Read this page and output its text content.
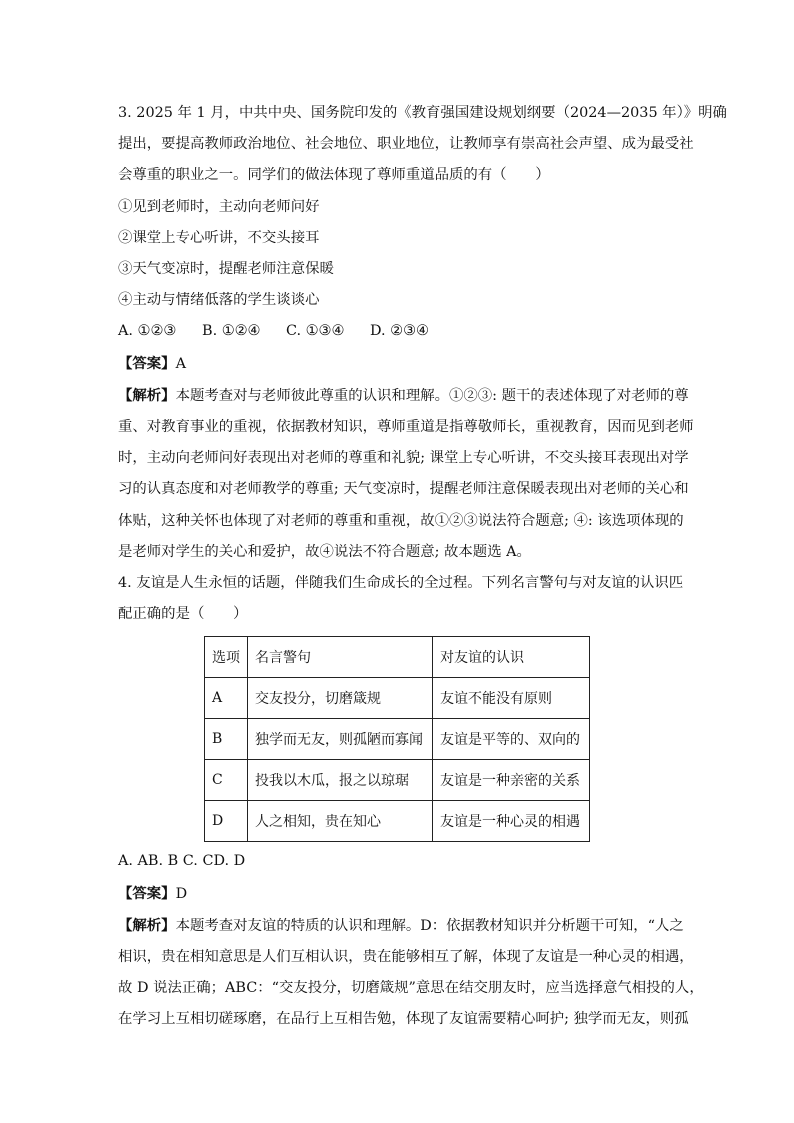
3. 2025 年 1 月，中共中央、国务院印发的《教育强国建设规划纲要（2024—2035 年）》明确
提出，要提高教师政治地位、社会地位、职业地位，让教师享有崇高社会声望、成为最受社
会尊重的职业之一。同学们的做法体现了尊师重道品质的有（　　）
①见到老师时，主动向老师问好
②课堂上专心听讲，不交头接耳
③天气变凉时，提醒老师注意保暖
④主动与情绪低落的学生谈谈心
A. ①②③ B. ①②④ C. ①③④ D. ②③④
【答案】A
【解析】本题考查对与老师彼此尊重的认识和理解。①②③: 题干的表述体现了对老师的尊
重、对教育事业的重视，依据教材知识，尊师重道是指尊敬师长，重视教育，因而见到老师
时，主动向老师问好表现出对老师的尊重和礼貌; 课堂上专心听讲，不交头接耳表现出对学
习的认真态度和对老师教学的尊重; 天气变凉时，提醒老师注意保暖表现出对老师的关心和
体贴，这种关怀也体现了对老师的尊重和重视，故①②③说法符合题意; ④: 该选项体现的
是老师对学生的关心和爱护，故④说法不符合题意; 故本题选 A。
4. 友谊是人生永恒的话题，伴随我们生命成长的全过程。下列名言警句与对友谊的认识匹
配正确的是（　　）
选项	名言警句	对友谊的认识
A	交友投分，切磨箴规	友谊不能没有原则
B	独学而无友，则孤陋而寡闻	友谊是平等的、双向的
C	投我以木瓜，报之以琼琚	友谊是一种亲密的关系
D	人之相知，贵在知心	友谊是一种心灵的相遇
A. AB. B C. CD. D
【答案】D
【解析】本题考查对友谊的特质的认识和理解。D：依据教材知识并分析题干可知，“人之
相识，贵在相知意思是人们互相认识，贵在能够相互了解，体现了友谊是一种心灵的相遇，
故 D 说法正确；ABC：“交友投分，切磨箴规”意思在结交朋友时，应当选择意气相投的人，
在学习上互相切磋琢磨，在品行上互相告勉，体现了友谊需要精心呵护; 独学而无友，则孤
